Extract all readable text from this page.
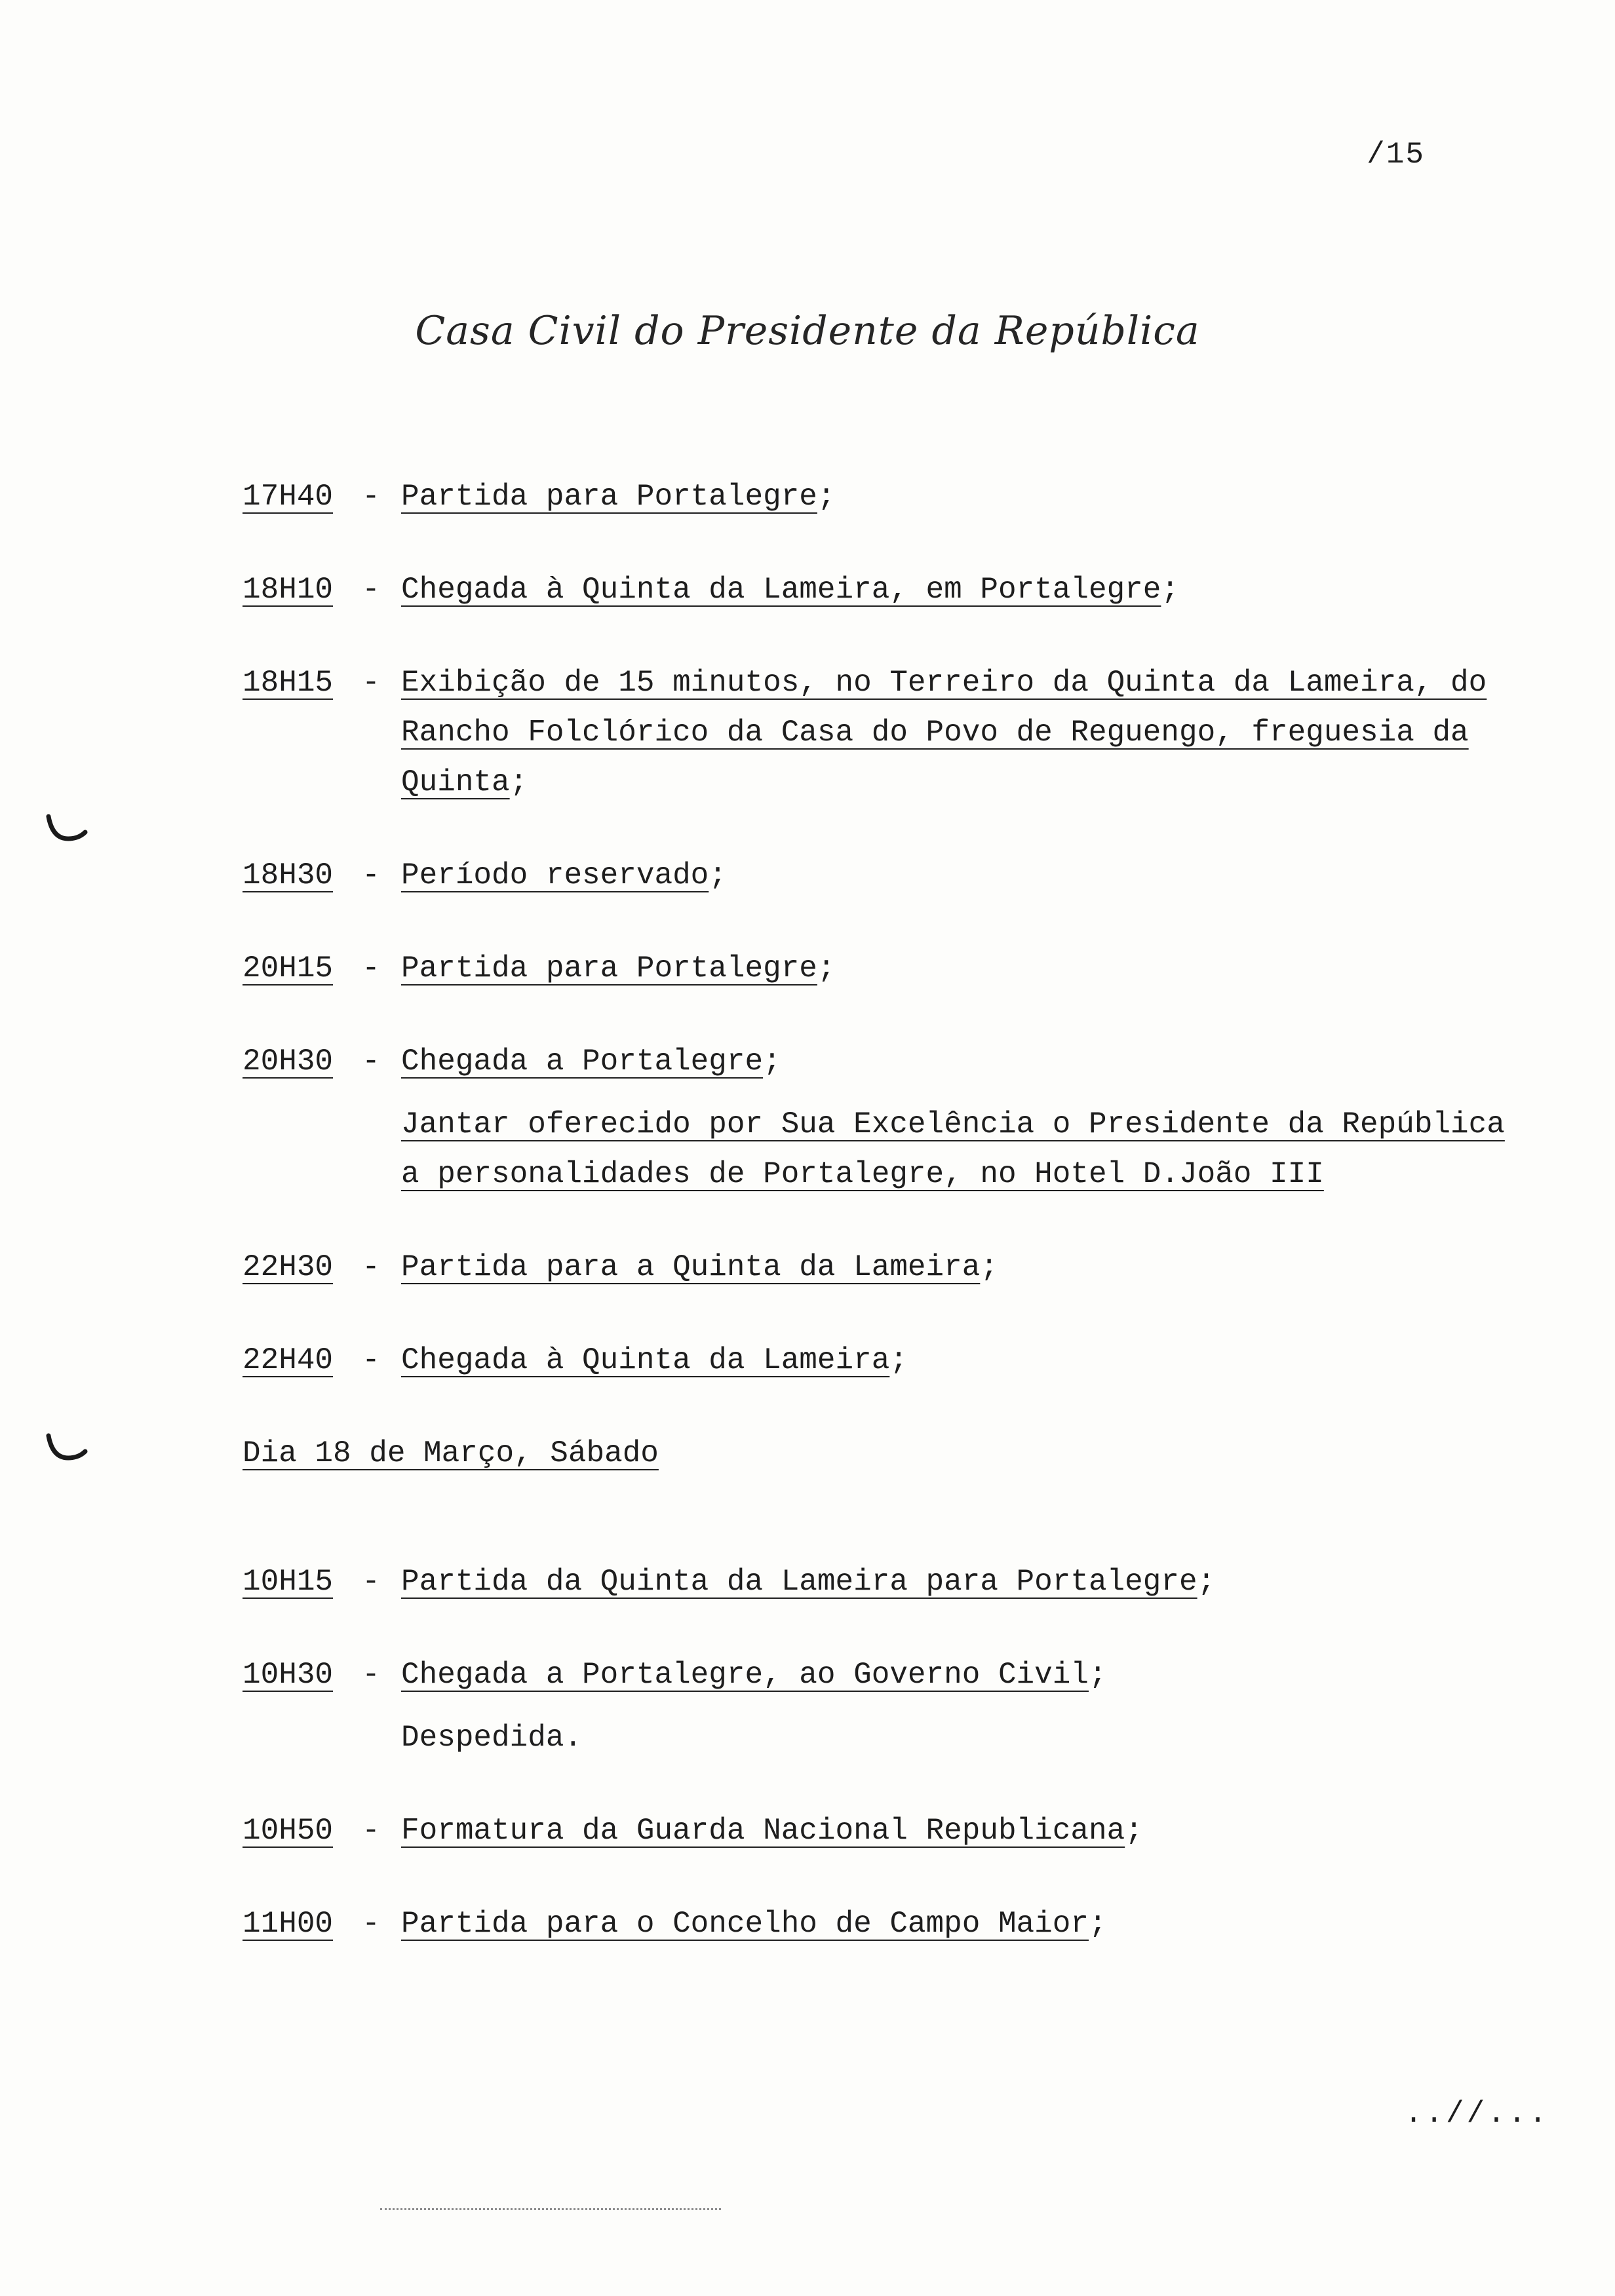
/15
Casa Civil do Presidente da República
17H40 - Partida para Portalegre;
18H10 - Chegada à Quinta da Lameira, em Portalegre;
18H15 - Exibição de 15 minutos, no Terreiro da Quinta da Lameira, do Rancho Folclórico da Casa do Povo de Reguengo, freguesia da Quinta;
18H30 - Período reservado;
20H15 - Partida para Portalegre;
20H30 - Chegada a Portalegre;
Jantar oferecido por Sua Excelência o Presidente da República a personalidades de Portalegre, no Hotel D.João III
22H30 - Partida para a Quinta da Lameira;
22H40 - Chegada à Quinta da Lameira;
Dia 18 de Março, Sábado
10H15 - Partida da Quinta da Lameira para Portalegre;
10H30 - Chegada a Portalegre, ao Governo Civil;
Despedida.
10H50 - Formatura da Guarda Nacional Republicana;
11H00 - Partida para o Concelho de Campo Maior;
..//...
